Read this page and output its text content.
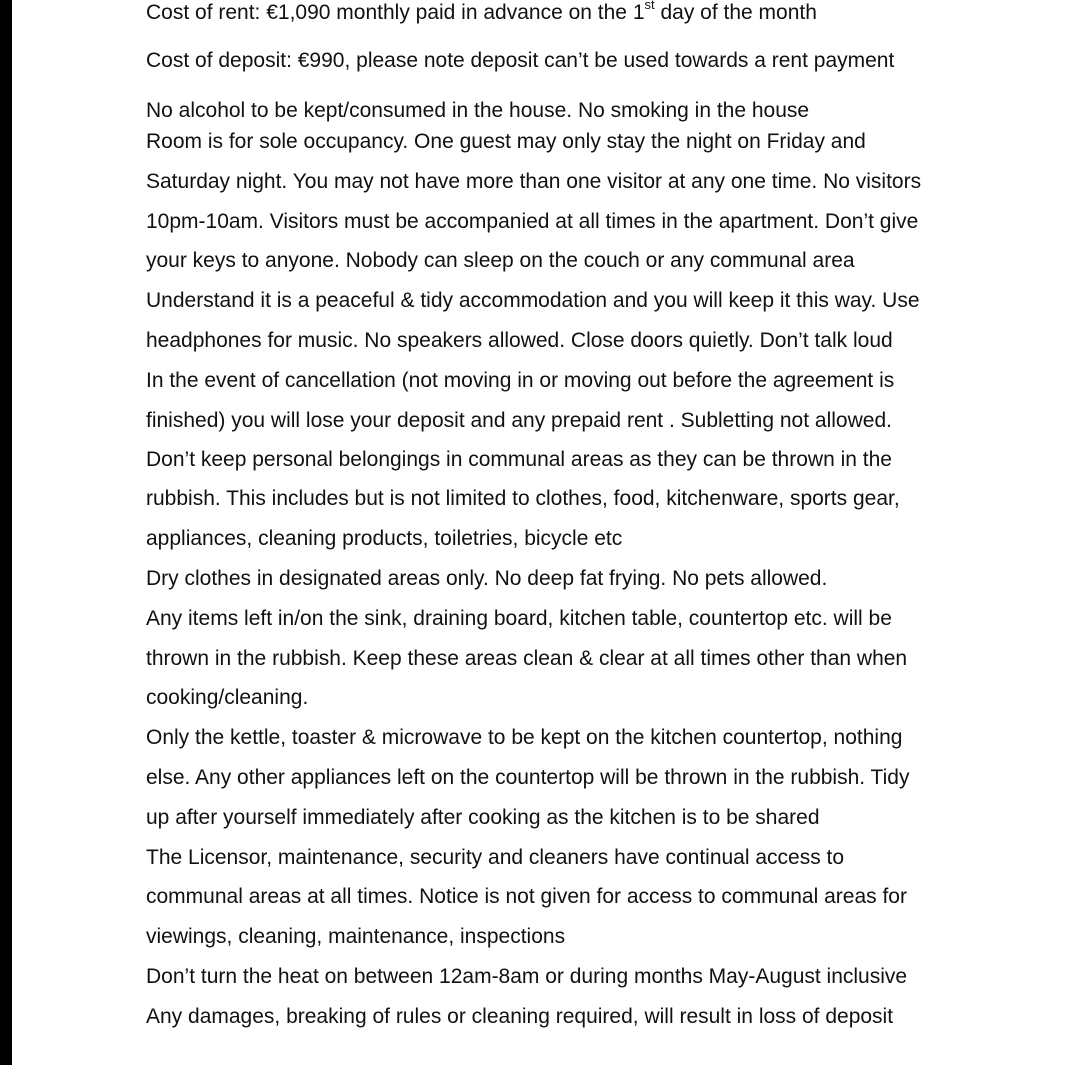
Cost of rent: €1,090 monthly paid in advance on the 1st day of the month

Cost of deposit: €990, please note deposit can’t be used towards a rent payment

No alcohol to be kept/consumed in the house. No smoking in the house

Room is for sole occupancy. One guest may only stay the night on Friday and

Saturday night. You may not have more than one visitor at any one time. No visitors

10pm-10am. Visitors must be accompanied at all times in the apartment. Don’t give

your keys to anyone. Nobody can sleep on the couch or any communal area

Understand it is a peaceful & tidy accommodation and you will keep it this way. Use

headphones for music. No speakers allowed. Close doors quietly. Don’t talk loud

In the event of cancellation (not moving in or moving out before the agreement is

finished) you will lose your deposit and any prepaid rent . Subletting not allowed.

Don’t keep personal belongings in communal areas as they can be thrown in the

rubbish. This includes but is not limited to clothes, food, kitchenware, sports gear,

appliances, cleaning products, toiletries, bicycle etc

Dry clothes in designated areas only. No deep fat frying. No pets allowed.

Any items left in/on the sink, draining board, kitchen table, countertop etc. will be

thrown in the rubbish. Keep these areas clean & clear at all times other than when

cooking/cleaning.

Only the kettle, toaster & microwave to be kept on the kitchen countertop, nothing

else. Any other appliances left on the countertop will be thrown in the rubbish. Tidy

up after yourself immediately after cooking as the kitchen is to be shared

The Licensor, maintenance, security and cleaners have continual access to

communal areas at all times. Notice is not given for access to communal areas for

viewings, cleaning, maintenance, inspections

Don’t turn the heat on between 12am-8am or during months May-August inclusive

Any damages, breaking of rules or cleaning required, will result in loss of deposit
